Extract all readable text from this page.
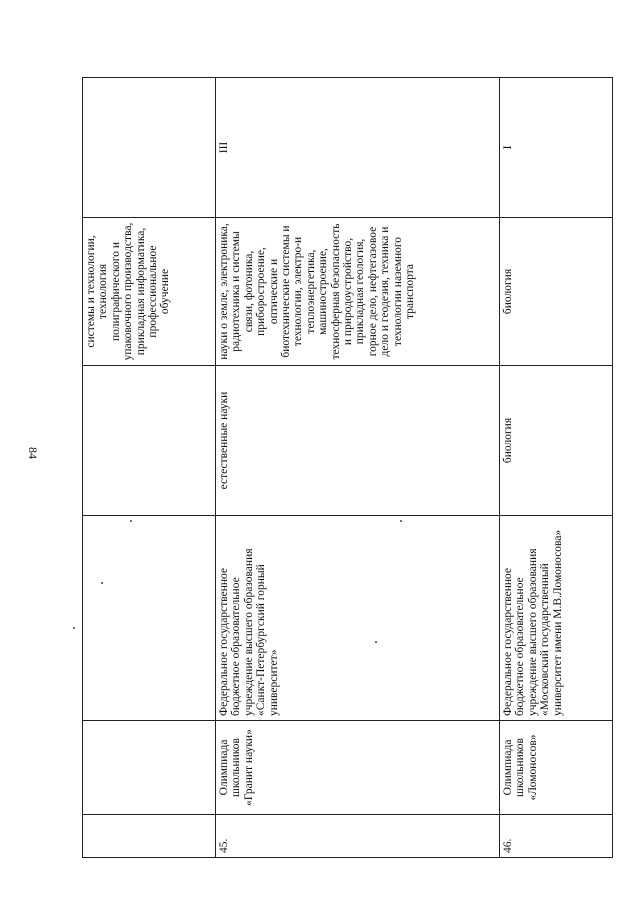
84
				системы и технологии, технология полиграфического и упаковочного производства, прикладная информатика, профессиональное обучение	
45.	Олимпиада школьников «Гранит науки»	Федеральное государственное бюджетное образовательное учреждение высшего образования «Санкт-Петербургский горный университет»	естественные науки	науки о земле, электроника, радиотехника и системы связи, фотоника, приборостроение, оптические и биотехнические системы и технологии, электро-и теплоэнергетика, машиностроение, техносферная безопасность и природоустройство, прикладная геология, горное дело, нефтегазовое дело и геодезия, техника и технологии наземного транспорта	III
46.	Олимпиада школьников «Ломоносов»	Федеральное государственное бюджетное образовательное учреждение высшего образования «Московский государственный университет имени М.В.Ломоносова»	биология	биология	I
